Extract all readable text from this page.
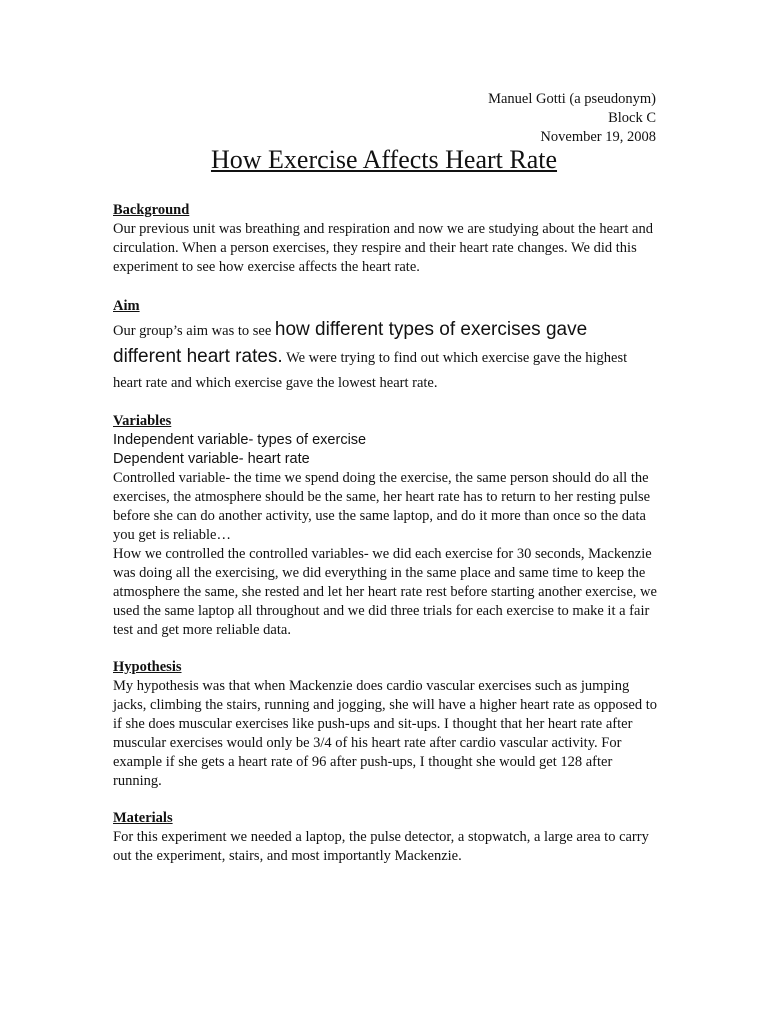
Manuel Gotti (a pseudonym)
Block C
November 19, 2008
How Exercise Affects Heart Rate

Background

Our previous unit was breathing and respiration and now we are studying about the heart and circulation. When a person exercises, they respire and their heart rate changes. We did this experiment to see how exercise affects the heart rate.

Aim

Our group’s aim was to see how different types of exercises gave different heart rates. We were trying to find out which exercise gave the highest heart rate and which exercise gave the lowest heart rate.

Variables

Independent variable- types of exercise

Dependent variable- heart rate

Controlled variable- the time we spend doing the exercise, the same person should do all the exercises, the atmosphere should be the same, her heart rate has to return to her resting pulse before she can do another activity, use the same laptop, and do it more than once so the data you get is reliable…

How we controlled the controlled variables- we did each exercise for 30 seconds, Mackenzie was doing all the exercising, we did everything in the same place and same time to keep the atmosphere the same, she rested and let her heart rate rest before starting another exercise, we used the same laptop all throughout and we did three trials for each exercise to make it a fair test and get more reliable data.

Hypothesis

My hypothesis was that when Mackenzie does cardio vascular exercises such as jumping jacks, climbing the stairs, running and jogging, she will have a higher heart rate as opposed to if she does muscular exercises like push-ups and sit-ups. I thought that her heart rate after muscular exercises would only be 3/4 of his heart rate after cardio vascular activity. For example if she gets a heart rate of 96 after push-ups, I thought she would get 128 after running.

Materials

For this experiment we needed a laptop, the pulse detector, a stopwatch, a large area to carry out the experiment, stairs, and most importantly Mackenzie.
